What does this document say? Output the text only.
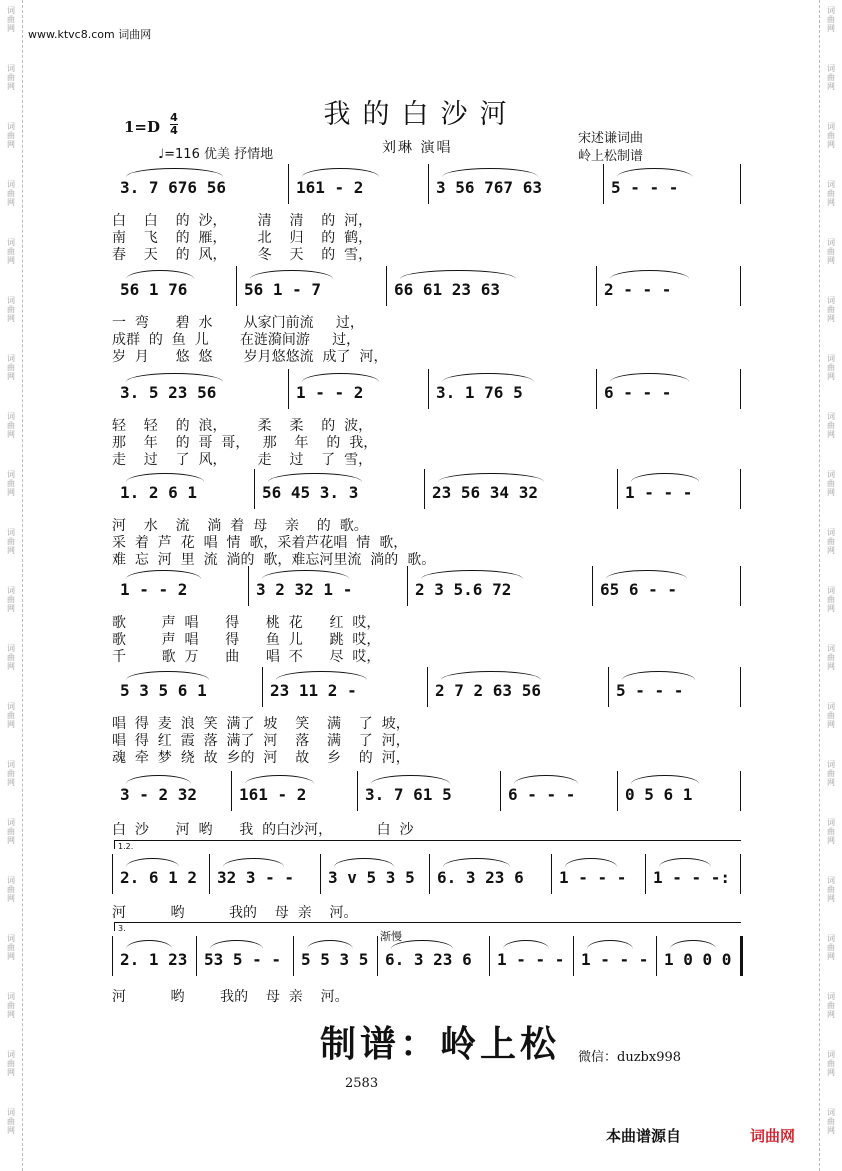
词
曲
网
词
曲
网
词
曲
网
词
曲
网
词
曲
网
词
曲
网
词
曲
网
词
曲
网
词
曲
网
词
曲
网
词
曲
网
词
曲
网
词
曲
网
词
曲
网
词
曲
网
词
曲
网
词
曲
网
词
曲
网
词
曲
网
词
曲
网
词
曲
网
词
曲
网
词
曲
网
词
曲
网
词
曲
网
词
曲
网
词
曲
网
词
曲
网
词
曲
网
词
曲
网
词
曲
网
词
曲
网
词
曲
网
词
曲
网
词
曲
网
词
曲
网
词
曲
网
词
曲
网
词
曲
网
词
曲
网
www.ktvc8.com 词曲网
我的白沙河
1=D
4
4
♩=116 优美 抒情地	刘琳 演唱
宋述谦词曲
岭上松制谱
3. 7 676 56	161 - 2	3 56 767 63	5 - - -
白    白    的  沙，       清    清    的  河，
南    飞    的  雁，       北    归    的  鹤，
春    天    的  风，       冬    天    的  雪，
56 1 76	56 1 - 7	66 61 23 63	2 - - -
一  弯      碧  水       从家门前流     过，
成群  的  鱼  儿       在涟漪间游     过，
岁  月      悠  悠       岁月悠悠流  成了  河，
3. 5 23 56	1 - - 2	3. 1 76 5	6 - - -
轻    轻    的  浪，       柔    柔    的  波，
那    年    的  哥  哥，   那    年    的  我，
走    过    了  风，       走    过    了  雪，
1. 2 6 1	56 45 3. 3	23 56 34 32	1 - - -
河    水    流    淌  着  母    亲    的  歌。
采  着  芦  花  唱  情  歌，采着芦花唱  情  歌，
难  忘  河  里  流  淌的  歌，难忘河里流  淌的  歌。
1 - - 2	3 2 32 1 -	2 3 5.6 72	65 6 - -
歌        声  唱      得      桃  花      红  哎，
歌        声  唱      得      鱼  儿      跳  哎，
千        歌  万      曲      唱  不      尽  哎，
5 3 5 6 1	23 11 2 -	2 7 2 63 56	5 - - -
唱  得  麦  浪  笑  满了  坡    笑    满    了  坡，
唱  得  红  霞  落  满了  河    落    满    了  河，
魂  牵  梦  绕  故  乡的  河    故    乡    的  河，
3 - 2 32	161 - 2	3. 7 61 5	6 - - -	0 5 6 1
白  沙      河  哟      我  的白沙河，          白  沙
2. 6 1 2 32 3 - - 3 v 5 3 5 6. 3 23 6 1 - - - 1 - - -:
1.2.
河          哟          我的    母  亲    河。
2. 1 23 53 5 - - 5 5 3 5 6. 3 23 6 1 - - - 1 - - - 1 0 0 0
3.
渐慢
河          哟        我的    母  亲    河。
制谱：岭上松 微信：duzbx998
2583
本曲谱源自	词曲网
